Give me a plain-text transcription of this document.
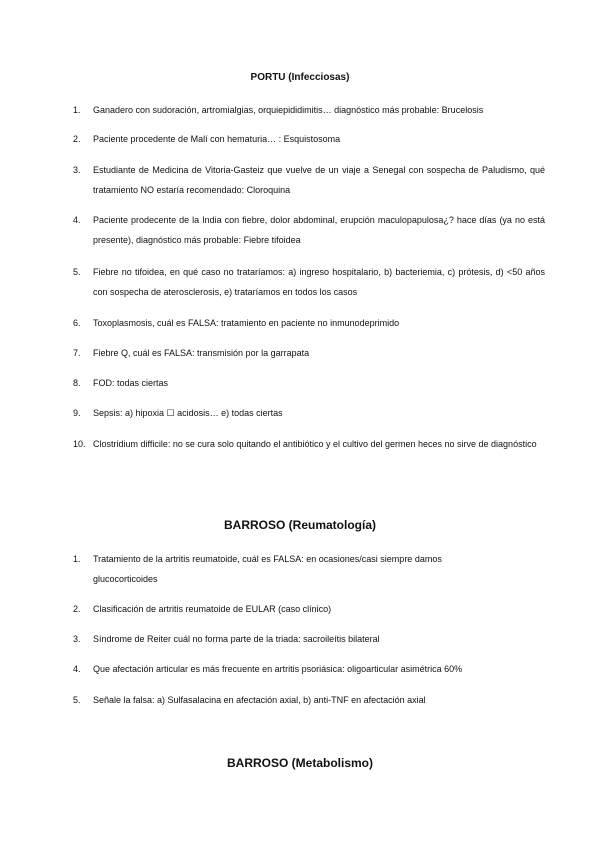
PORTU (Infecciosas)
1. Ganadero con sudoración, artromialgias, orquiepididimitis… diagnóstico más probable: Brucelosis
2. Paciente procedente de Malí con hematuria… : Esquistosoma
3. Estudiante de Medicina de Vitoria-Gasteiz que vuelve de un viaje a Senegal con sospecha de Paludismo, qué tratamiento NO estaría recomendado: Cloroquina
4. Paciente prodecente de la India con fiebre, dolor abdominal, erupción maculopapulosa¿? hace días (ya no está presente), diagnóstico más probable: Fiebre tifoidea
5. Fiebre no tifoidea, en qué caso no trataríamos: a) ingreso hospitalario, b) bacteriemia, c) prótesis, d) <50 años con sospecha de aterosclerosis, e) trataríamos en todos los casos
6. Toxoplasmosis, cuál es FALSA: tratamiento en paciente no inmunodeprimido
7. Fiebre Q, cuál es FALSA: transmisión por la garrapata
8. FOD: todas ciertas
9. Sepsis: a) hipoxia ☐ acidosis… e) todas ciertas
10. Clostridium difficile: no se cura solo quitando el antibiótico y el cultivo del germen heces no sirve de diagnóstico
BARROSO (Reumatología)
1. Tratamiento de la artritis reumatoide, cuál es FALSA: en ocasiones/casi siempre damos glucocorticoides
2. Clasificación de artritis reumatoide de EULAR (caso clínico)
3. Síndrome de Reiter cuál no forma parte de la triada: sacroileítis bilateral
4. Que afectación articular es más frecuente en artritis psoriásica: oligoarticular asimétrica 60%
5. Señale la falsa: a) Sulfasalacina en afectación axial, b) anti-TNF en afectación axial
BARROSO (Metabolismo)
